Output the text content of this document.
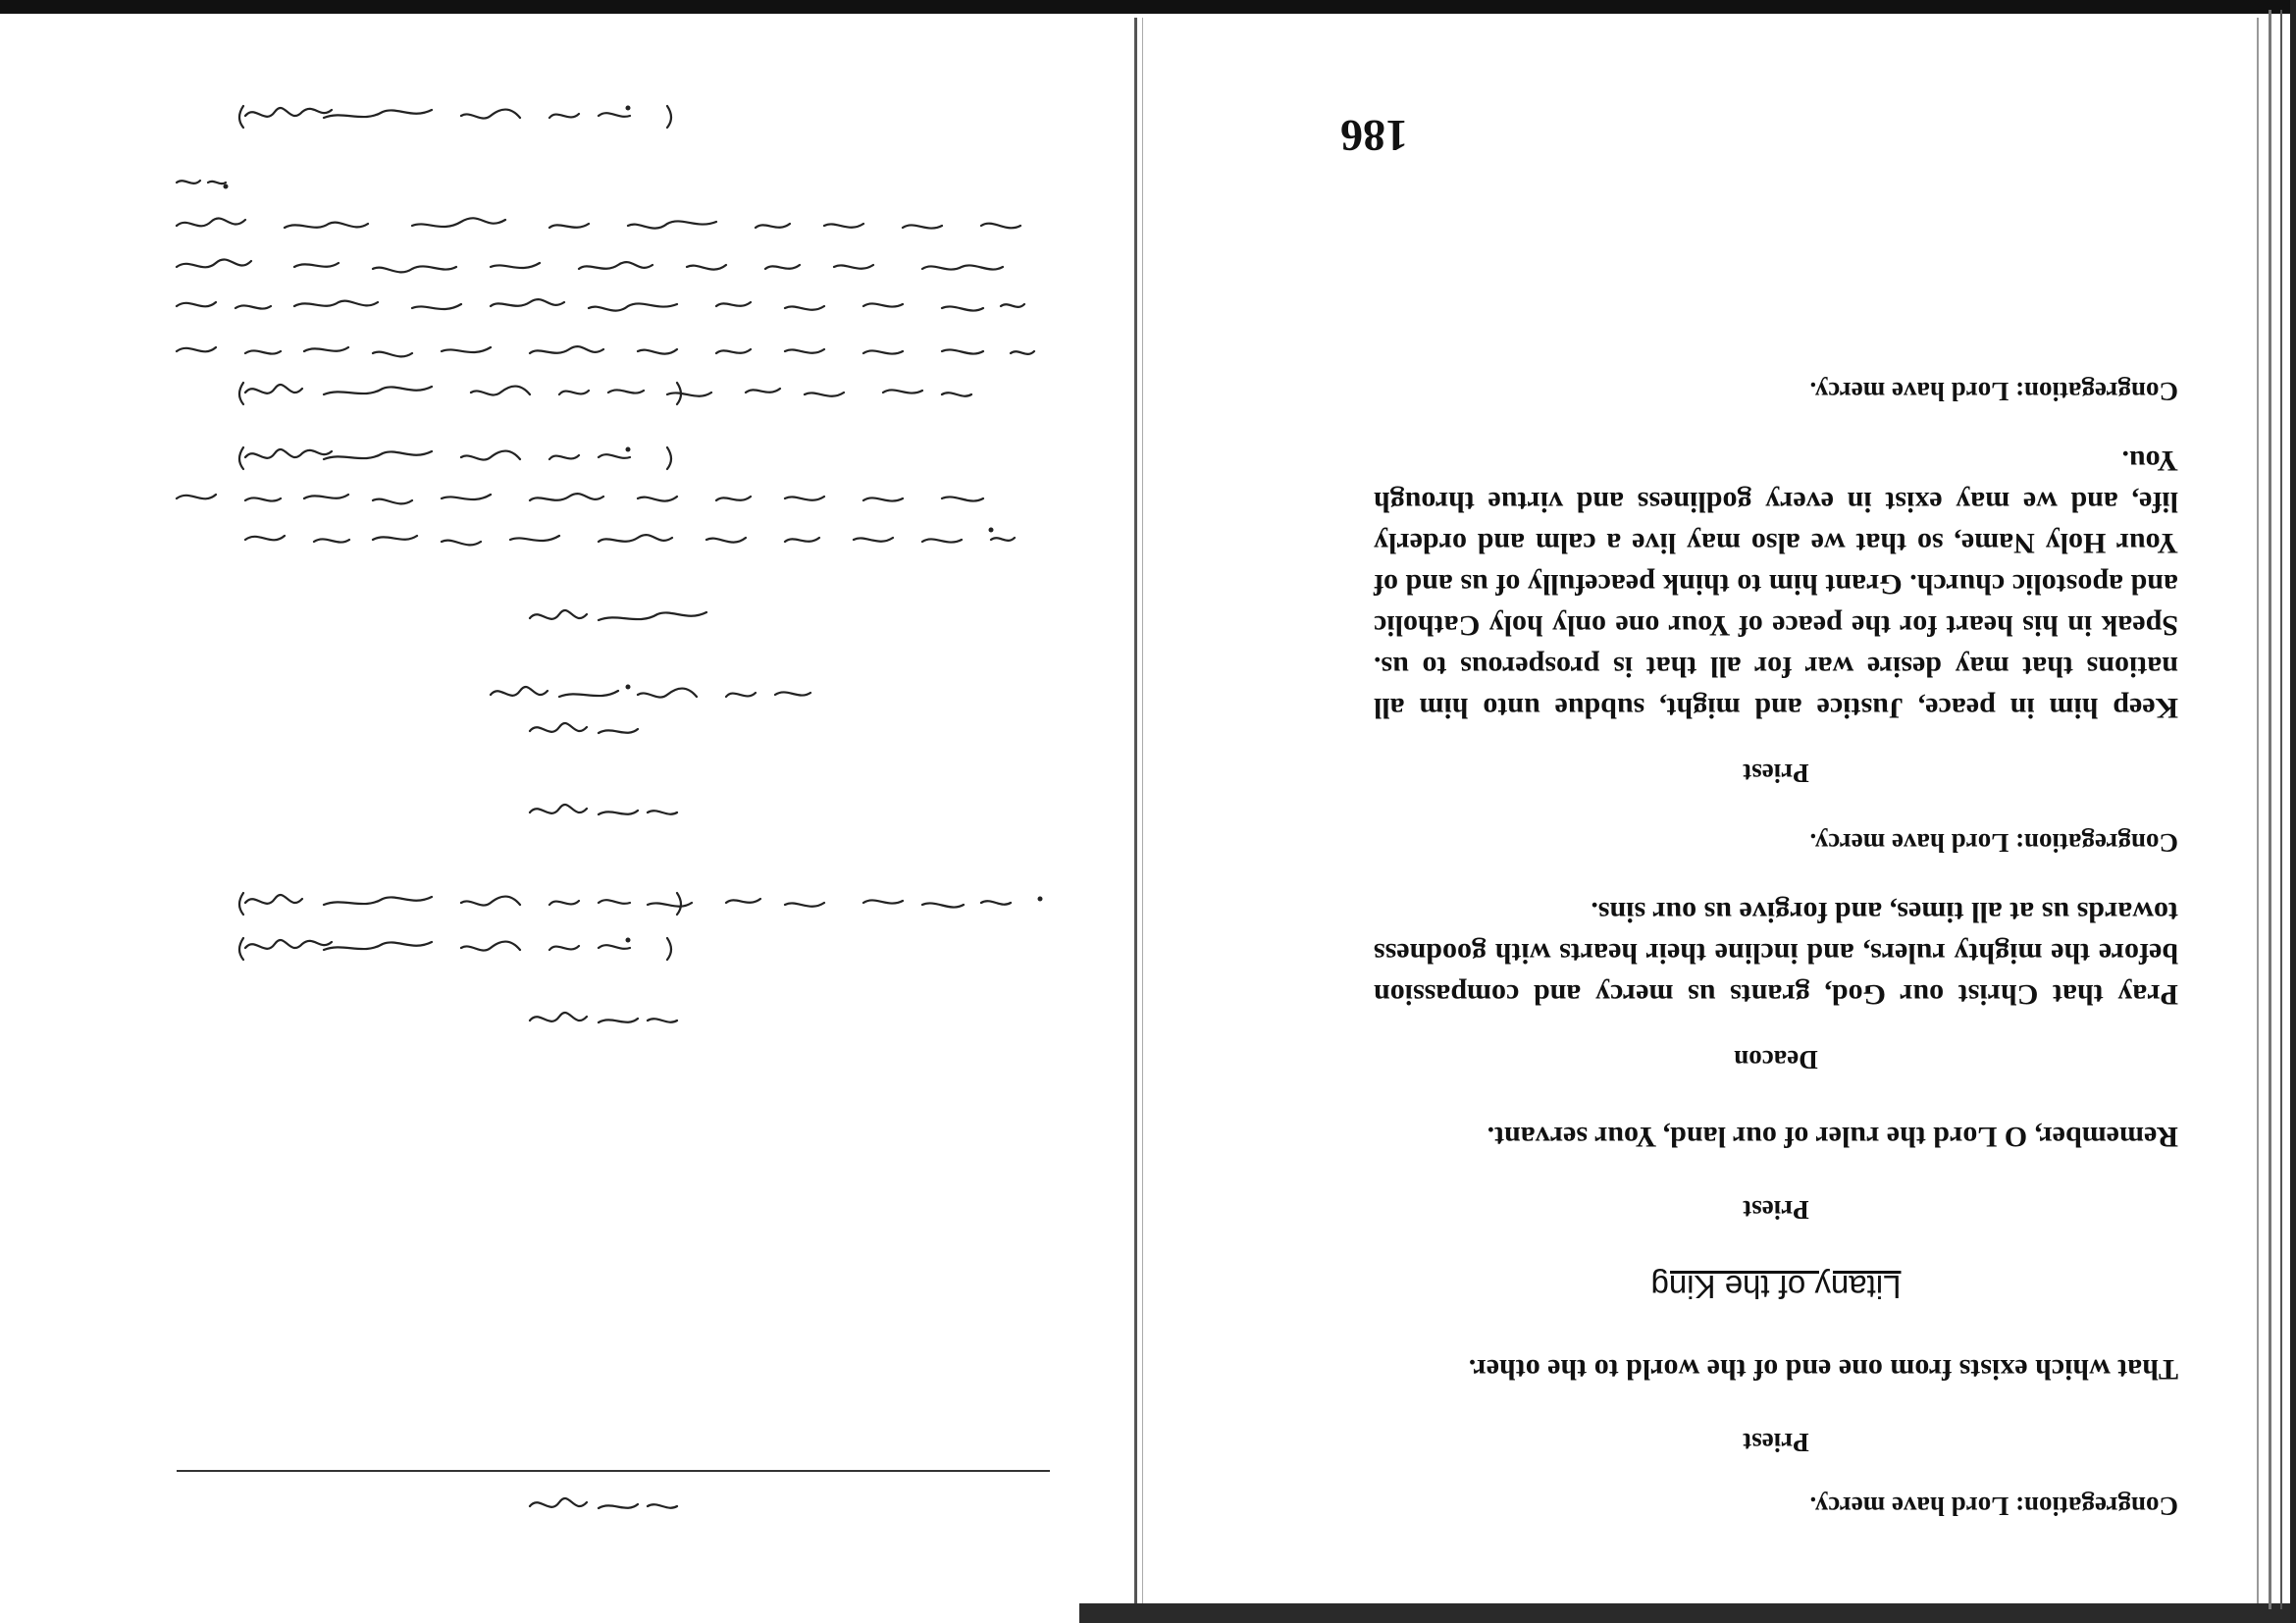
Congregation: Lord have mercy.

Priest

That which exists from one end of the world to the other.

Litany of the King

Priest

Remember, O Lord the ruler of our land, Your servant.

Deacon

Pray that Christ our God, grants us mercy and compassion before the mighty rulers, and incline their hearts with goodness towards us at all times, and forgive us our sins.

Congregation: Lord have mercy.

Priest

Keep him in peace, Justice and might, subdue unto him all nations that may desire war for all that is prosperous to us. Speak in his heart for the peace of Your one only holy Catholic and apostolic church. Grant him to think peacefully of us and of Your Holy Name, so that we also may live a calm and orderly life, and we may exist in every godliness and virtue through You.

Congregation: Lord have mercy.

186
